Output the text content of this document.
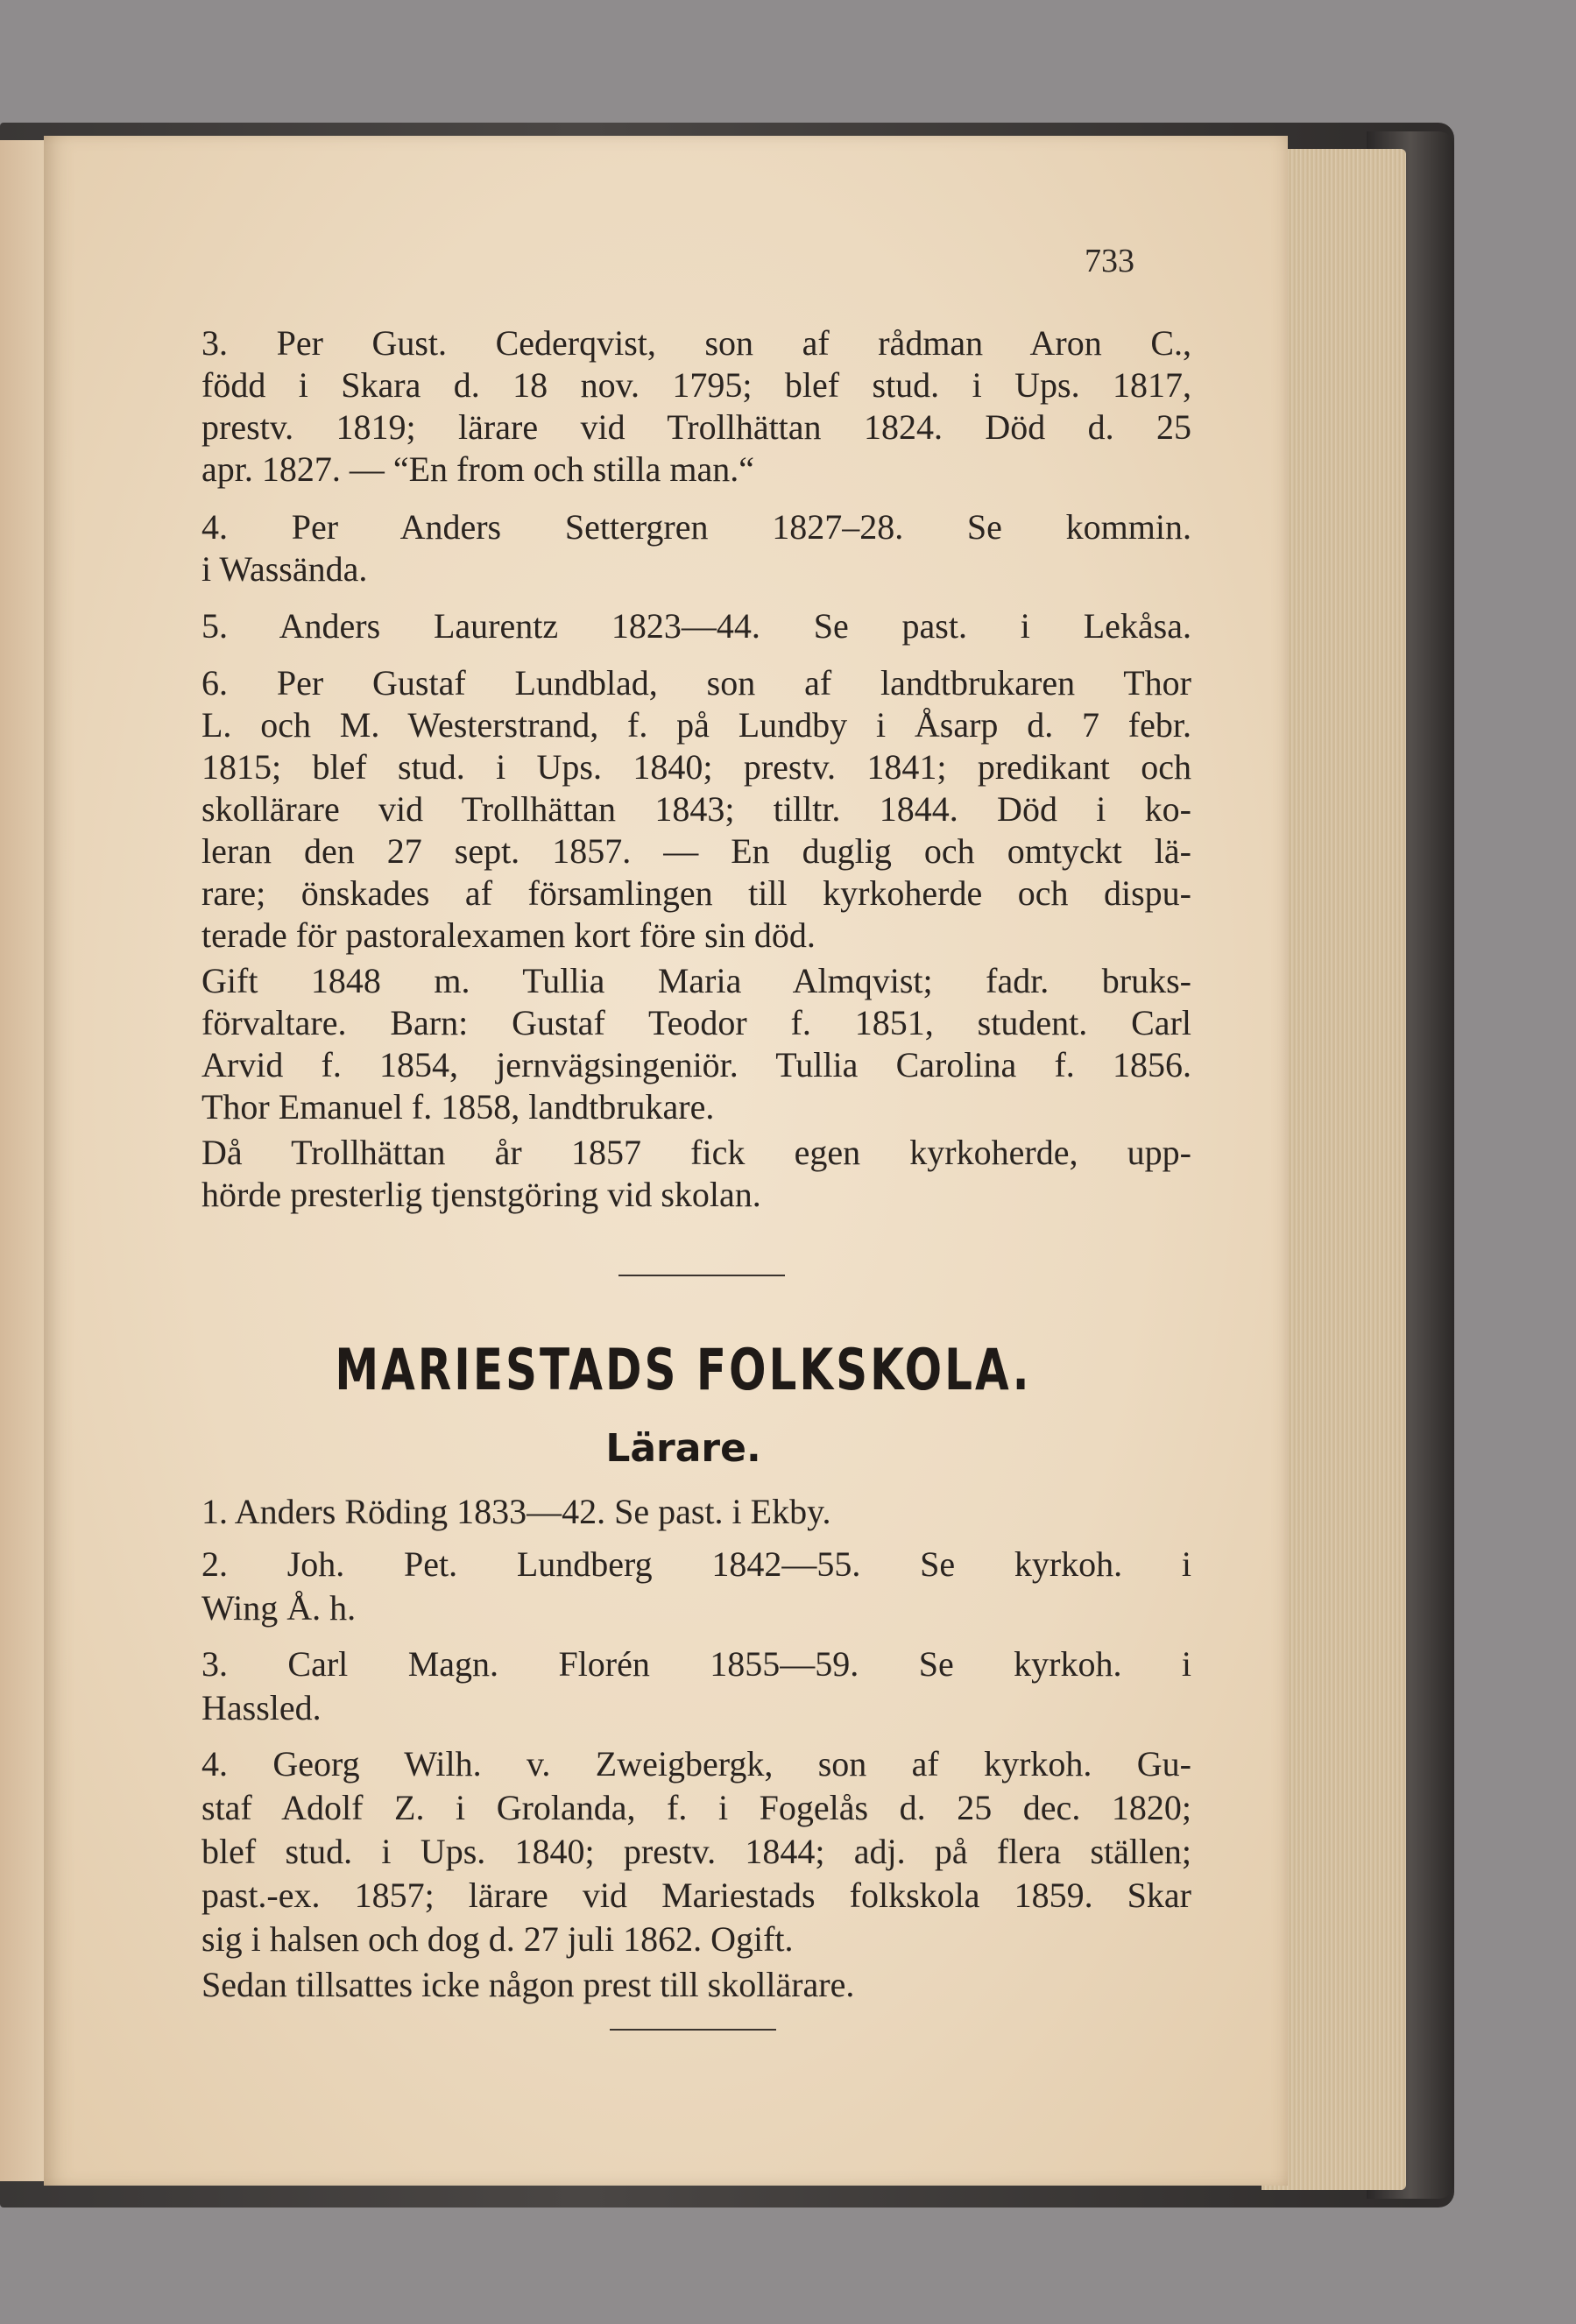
733
3. Per Gust. Cederqvist, son af rådman Aron C.,
född i Skara d. 18 nov. 1795; blef stud. i Ups. 1817,
prestv. 1819; lärare vid Trollhättan 1824. Död d. 25
apr. 1827. — “En from och stilla man.“
4. Per Anders Settergren 1827–28. Se kommin.
i Wassända.
5. Anders Laurentz 1823—44. Se past. i Lekåsa.
6. Per Gustaf Lundblad, son af landtbrukaren Thor
L. och M. Westerstrand, f. på Lundby i Åsarp d. 7 febr.
1815; blef stud. i Ups. 1840; prestv. 1841; predikant och
skollärare vid Trollhättan 1843; tilltr. 1844. Död i ko-
leran den 27 sept. 1857. — En duglig och omtyckt lä-
rare; önskades af församlingen till kyrkoherde och dispu-
terade för pastoralexamen kort före sin död.
Gift 1848 m. Tullia Maria Almqvist; fadr. bruks-
förvaltare. Barn: Gustaf Teodor f. 1851, student. Carl
Arvid f. 1854, jernvägsingeniör. Tullia Carolina f. 1856.
Thor Emanuel f. 1858, landtbrukare.
Då Trollhättan år 1857 fick egen kyrkoherde, upp-
hörde presterlig tjenstgöring vid skolan.
1. Anders Röding 1833—42. Se past. i Ekby.
2. Joh. Pet. Lundberg 1842—55. Se kyrkoh. i
Wing Å. h.
3. Carl Magn. Florén 1855—59. Se kyrkoh. i
Hassled.
4. Georg Wilh. v. Zweigbergk, son af kyrkoh. Gu-
staf Adolf Z. i Grolanda, f. i Fogelås d. 25 dec. 1820;
blef stud. i Ups. 1840; prestv. 1844; adj. på flera ställen;
past.-ex. 1857; lärare vid Mariestads folkskola 1859. Skar
sig i halsen och dog d. 27 juli 1862. Ogift.
Sedan tillsattes icke någon prest till skollärare.
MARIESTADS FOLKSKOLA.
Lärare.
